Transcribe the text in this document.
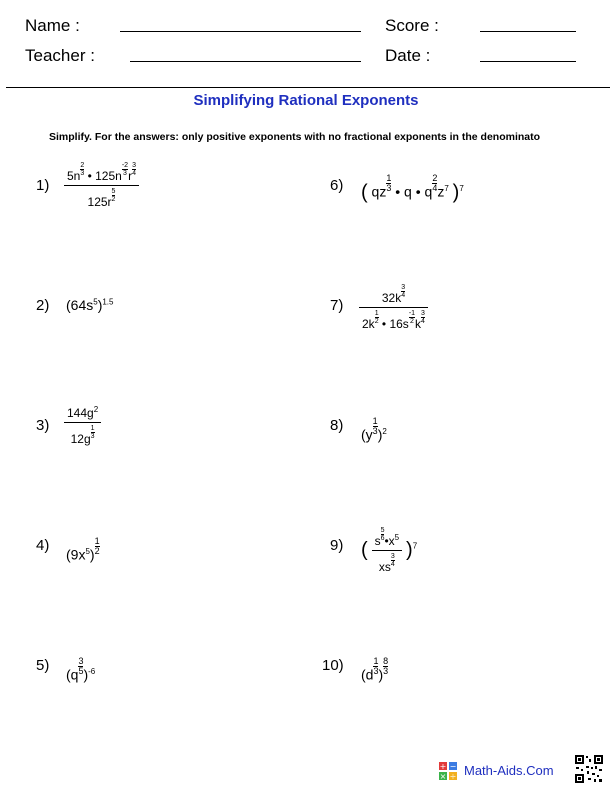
Name :	Score :
Teacher :	Date :
Simplifying Rational Exponents
Simplify. For the answers: only positive exponents with no fractional exponents in the denominato
1)
2)
3)
4)
5)
6)
7)
8)
9)
10)
$\frac{5n \frac{2}{3} • 125n \frac{-2}{3} r \frac{3}{4}}{125r \frac{5}{2}}$
$(64s^5)^{1.5}$
$\frac{144g^2}{12g \frac{1}{3}}$
$(9x^5) \frac{1}{2}$
$(q \frac{3}{5} )^{-6}$
( qz $\frac{1}{3}$ • q • q $\frac{2}{4} z^7$ )$^7$
$\frac{32k \frac{3}{4}}{2k \frac{1}{2} • 16s \frac{-1}{2} k \frac{3}{4}}$
$(y \frac{1}{3} )^2$
( $\frac{s \frac{5}{6} •x^5}{xs \frac{3}{4}} )^7$
($d \frac{1}{3}$ ) $\frac{8}{3}$
+ −
× ÷ Math-Aids.Com
